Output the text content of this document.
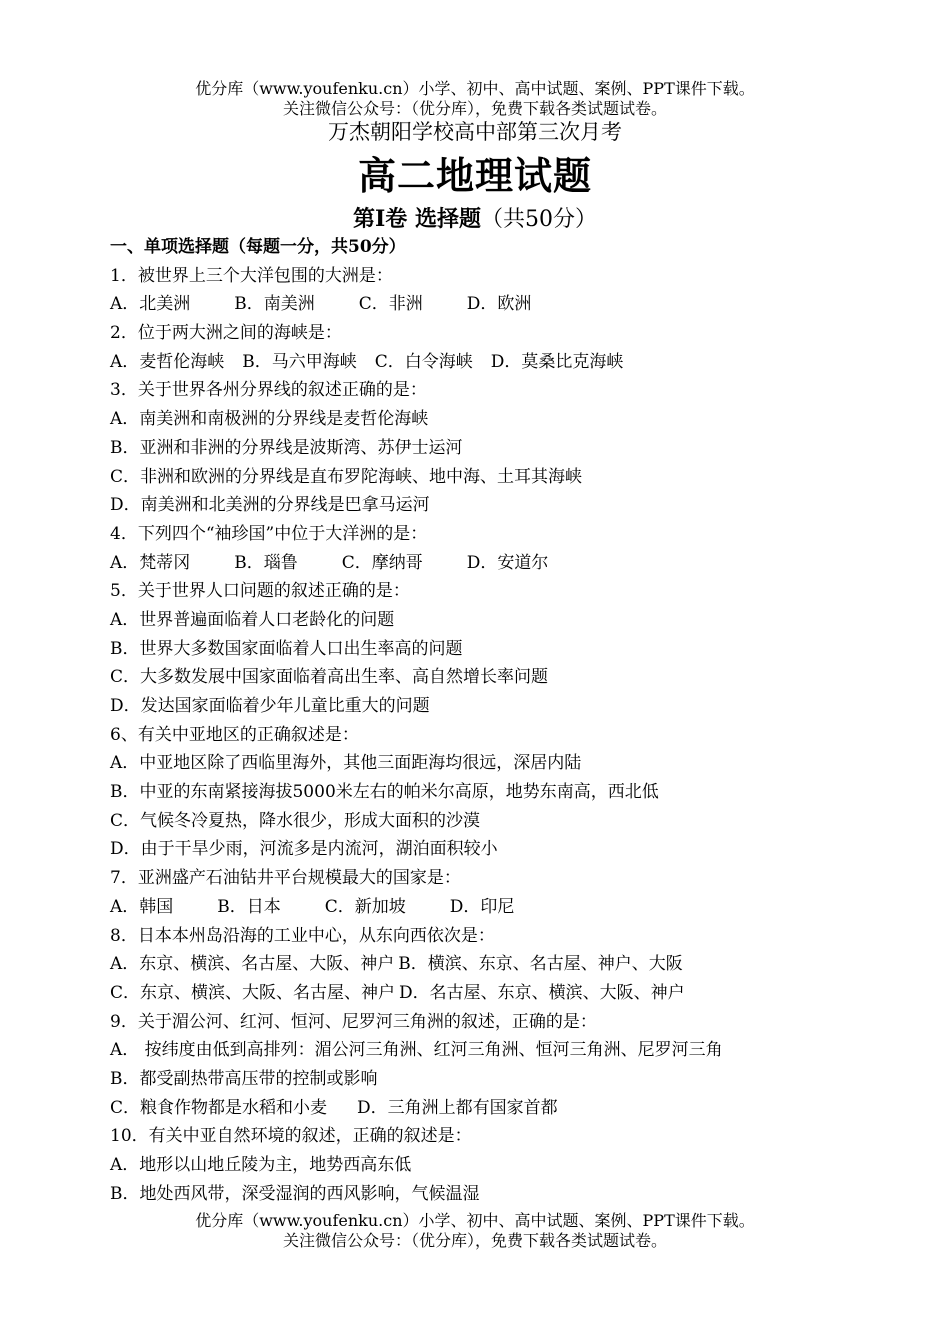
优分库（www.youfenku.cn）小学、初中、高中试题、案例、PPT课件下载。
关注微信公众号：（优分库），免费下载各类试题试卷。
万杰朝阳学校高中部第三次月考
高二地理试题
第Ⅰ卷 选择题（共50分）
一、单项选择题（每题一分，共50分）
1．被世界上三个大洋包围的大洲是：
A．北美洲	B．南美洲	C．非洲	D．欧洲
2．位于两大洲之间的海峡是：
A．麦哲伦海峡 B．马六甲海峡 C．白令海峡 D．莫桑比克海峡
3．关于世界各州分界线的叙述正确的是：
A．南美洲和南极洲的分界线是麦哲伦海峡
B．亚洲和非洲的分界线是波斯湾、苏伊士运河
C．非洲和欧洲的分界线是直布罗陀海峡、地中海、土耳其海峡
D．南美洲和北美洲的分界线是巴拿马运河
4．下列四个“袖珍国”中位于大洋洲的是：
A．梵蒂冈	B．瑙鲁	C．摩纳哥	D．安道尔
5．关于世界人口问题的叙述正确的是：
A．世界普遍面临着人口老龄化的问题
B．世界大多数国家面临着人口出生率高的问题
C．大多数发展中国家面临着高出生率、高自然增长率问题
D．发达国家面临着少年儿童比重大的问题
6、有关中亚地区的正确叙述是：
A．中亚地区除了西临里海外，其他三面距海均很远，深居内陆
B．中亚的东南紧接海拔5000米左右的帕米尔高原，地势东南高，西北低
C．气候冬冷夏热，降水很少，形成大面积的沙漠
D．由于干旱少雨，河流多是内流河，湖泊面积较小
7．亚洲盛产石油钻井平台规模最大的国家是：
A．韩国	B．日本	C．新加坡	D．印尼
8．日本本州岛沿海的工业中心，从东向西依次是：
A．东京、横滨、名古屋、大阪、神户 B．横滨、东京、名古屋、神户、大阪
C．东京、横滨、大阪、名古屋、神户 D．名古屋、东京、横滨、大阪、神户
9．关于湄公河、红河、恒河、尼罗河三角洲的叙述，正确的是：
A． 按纬度由低到高排列：湄公河三角洲、红河三角洲、恒河三角洲、尼罗河三角
B．都受副热带高压带的控制或影响
C．粮食作物都是水稻和小麦 D．三角洲上都有国家首都
10．有关中亚自然环境的叙述，正确的叙述是：
A．地形以山地丘陵为主，地势西高东低
B．地处西风带，深受湿润的西风影响，气候温湿
优分库（www.youfenku.cn）小学、初中、高中试题、案例、PPT课件下载。
关注微信公众号：（优分库），免费下载各类试题试卷。
